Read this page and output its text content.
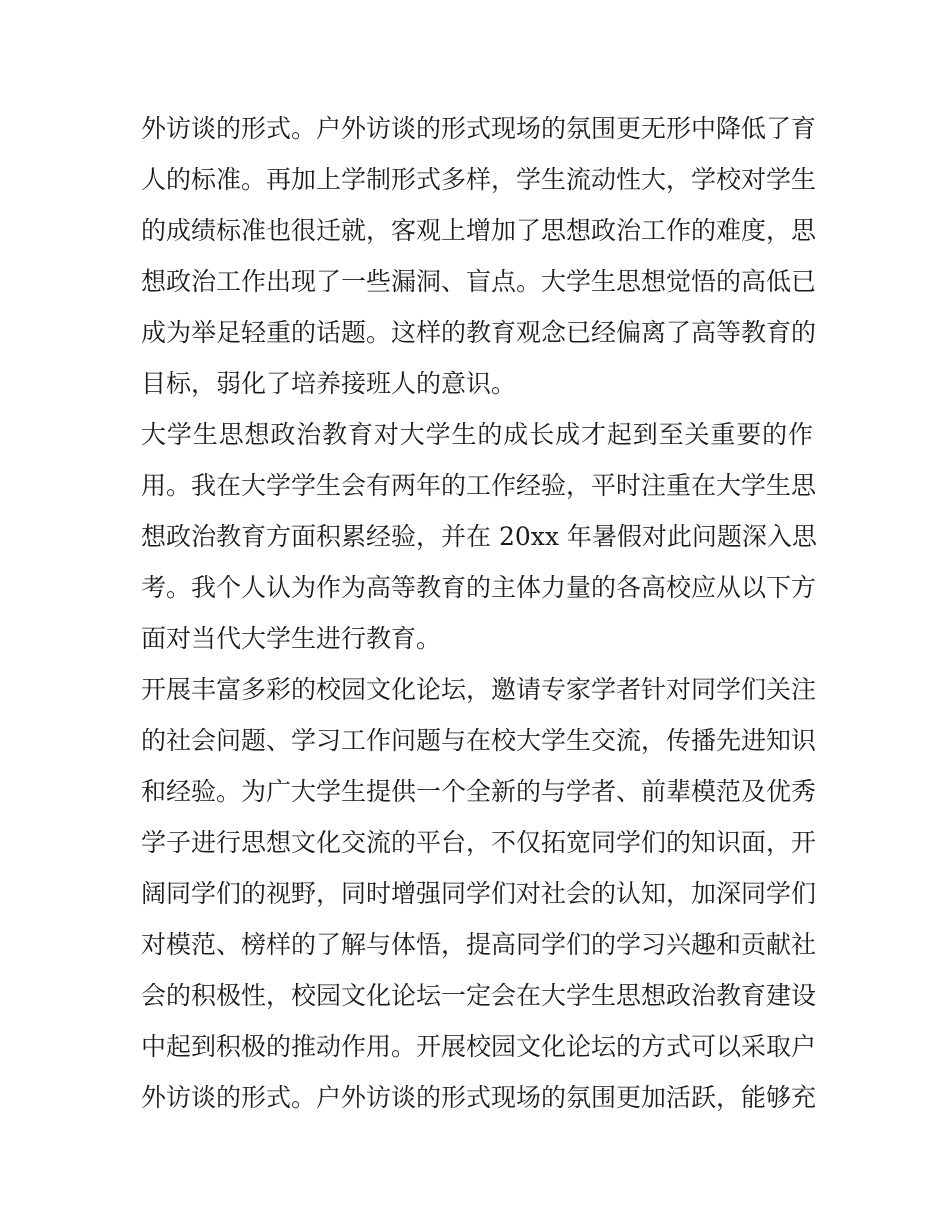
外访谈的形式。户外访谈的形式现场的氛围更无形中降低了育
人的标准。再加上学制形式多样，学生流动性大，学校对学生
的成绩标准也很迁就，客观上增加了思想政治工作的难度，思
想政治工作出现了一些漏洞、盲点。大学生思想觉悟的高低已
成为举足轻重的话题。这样的教育观念已经偏离了高等教育的
目标，弱化了培养接班人的意识。
大学生思想政治教育对大学生的成长成才起到至关重要的作
用。我在大学学生会有两年的工作经验，平时注重在大学生思
想政治教育方面积累经验，并在 20xx 年暑假对此问题深入思
考。我个人认为作为高等教育的主体力量的各高校应从以下方
面对当代大学生进行教育。
开展丰富多彩的校园文化论坛，邀请专家学者针对同学们关注
的社会问题、学习工作问题与在校大学生交流，传播先进知识
和经验。为广大学生提供一个全新的与学者、前辈模范及优秀
学子进行思想文化交流的平台，不仅拓宽同学们的知识面，开
阔同学们的视野，同时增强同学们对社会的认知，加深同学们
对模范、榜样的了解与体悟，提高同学们的学习兴趣和贡献社
会的积极性，校园文化论坛一定会在大学生思想政治教育建设
中起到积极的推动作用。开展校园文化论坛的方式可以采取户
外访谈的形式。户外访谈的形式现场的氛围更加活跃，能够充
